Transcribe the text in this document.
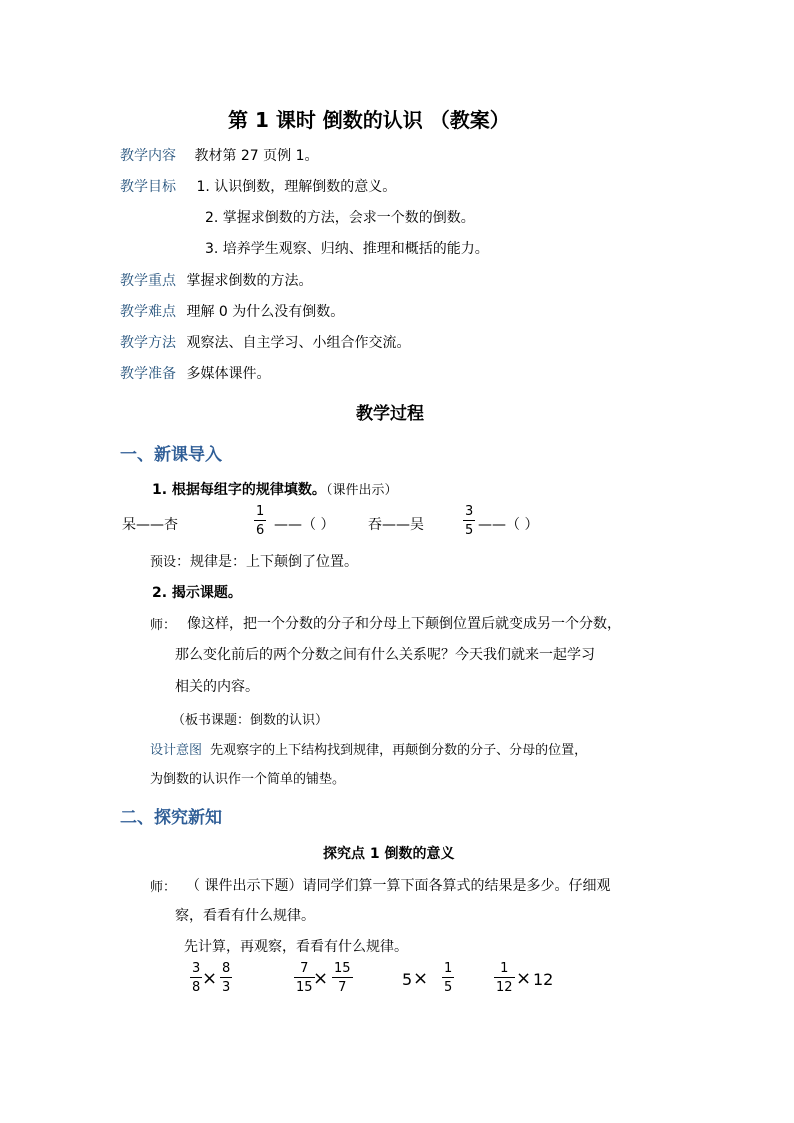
第 1 课时 倒数的认识 （教案）
教学内容 教材第 27 页例 1。
教学目标 1. 认识倒数，理解倒数的意义。
2. 掌握求倒数的方法，会求一个数的倒数。
3. 培养学生观察、归纳、推理和概括的能力。
教学重点 掌握求倒数的方法。
教学难点 理解 0 为什么没有倒数。
教学方法 观察法、自主学习、小组合作交流。
教学准备 多媒体课件。
教学过程
一、新课导入
1. 根据每组字的规律填数。（课件出示）
呆——杏
1
6 ——（ ） 吞——吴
3
5 ——（ ）
预设：规律是：上下颠倒了位置。
2. 揭示课题。
师： 像这样，把一个分数的分子和分母上下颠倒位置后就变成另一个分数，
那么变化前后的两个分数之间有什么关系呢？今天我们就来一起学习
相关的内容。
（板书课题：倒数的认识）
设计意图 先观察字的上下结构找到规律，再颠倒分数的分子、分母的位置，
为倒数的认识作一个简单的铺垫。
二、探究新知
探究点 1 倒数的意义
师： （ 课件出示下题）请同学们算一算下面各算式的结果是多少。仔细观
察，看看有什么规律。
先计算，再观察，看看有什么规律。
3
8 × 8
3
7
15 × 15
7	5 × 1
5
1
12 × 12
